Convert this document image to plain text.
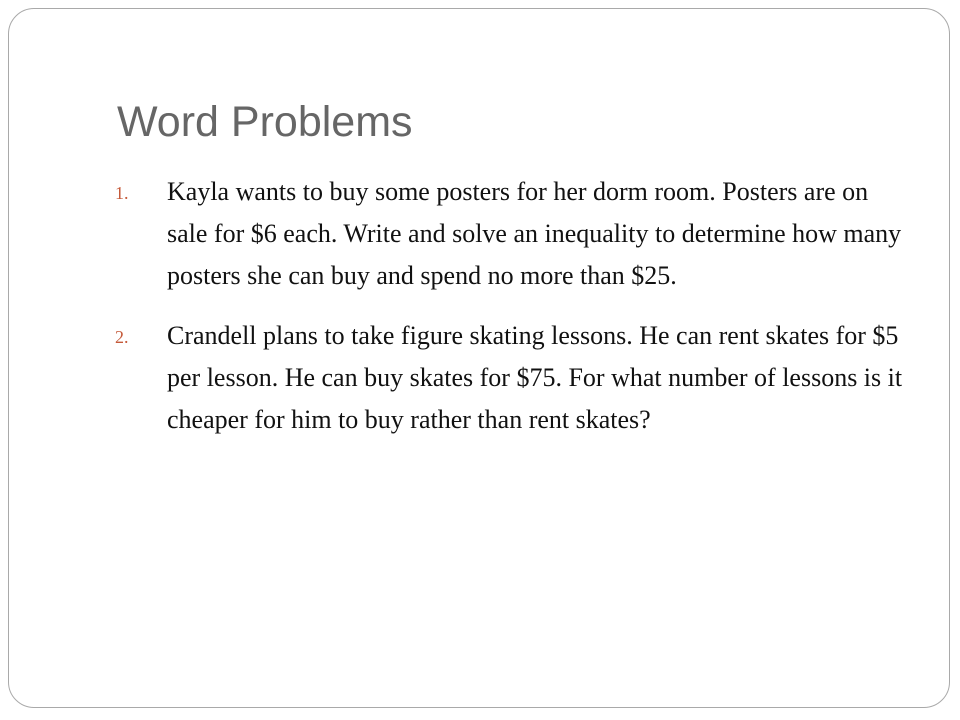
Word Problems
1. Kayla wants to buy some posters for her dorm room. Posters are on sale for $6 each. Write and solve an inequality to determine how many posters she can buy and spend no more than $25.
2. Crandell plans to take figure skating lessons. He can rent skates for $5 per lesson. He can buy skates for $75. For what number of lessons is it cheaper for him to buy rather than rent skates?
